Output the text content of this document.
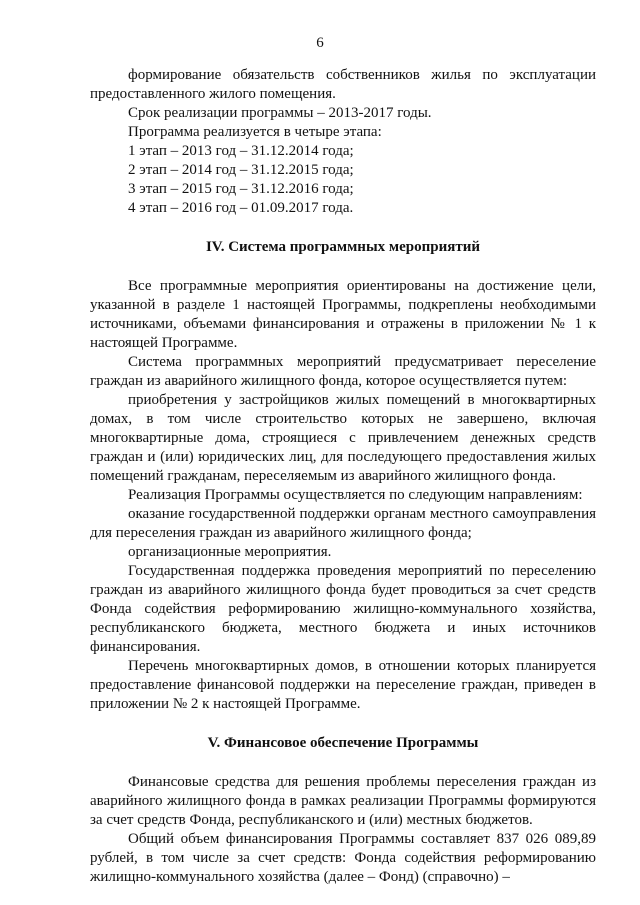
6

формирование обязательств собственников жилья по эксплуатации предоставленного жилого помещения.

Срок реализации программы – 2013-2017 годы.

Программа реализуется в четыре этапа:

1 этап – 2013 год – 31.12.2014 года;

2 этап – 2014 год – 31.12.2015 года;

3 этап – 2015 год – 31.12.2016 года;

4 этап – 2016 год – 01.09.2017 года.

IV. Система программных мероприятий

Все программные мероприятия ориентированы на достижение цели, указанной в разделе 1 настоящей Программы, подкреплены необходимыми источниками, объемами финансирования и отражены в приложении № 1 к настоящей Программе.

Система программных мероприятий предусматривает переселение граждан из аварийного жилищного фонда, которое осуществляется путем:

приобретения у застройщиков жилых помещений в многоквартирных домах, в том числе строительство которых не завершено, включая многоквартирные дома, строящиеся с привлечением денежных средств граждан и (или) юридических лиц, для последующего предоставления жилых помещений гражданам, переселяемым из аварийного жилищного фонда.

Реализация Программы осуществляется по следующим направлениям:

оказание государственной поддержки органам местного самоуправления для переселения граждан из аварийного жилищного фонда;

организационные мероприятия.

Государственная поддержка проведения мероприятий по переселению граждан из аварийного жилищного фонда будет проводиться за счет средств Фонда содействия реформированию жилищно-коммунального хозяйства, республиканского бюджета, местного бюджета и иных источников финансирования.

Перечень многоквартирных домов, в отношении которых планируется предоставление финансовой поддержки на переселение граждан, приведен в приложении № 2 к настоящей Программе.

V. Финансовое обеспечение Программы

Финансовые средства для решения проблемы переселения граждан из аварийного жилищного фонда в рамках реализации Программы формируются за счет средств Фонда, республиканского и (или) местных бюджетов.

Общий объем финансирования Программы составляет 837 026 089,89 рублей, в том числе за счет средств: Фонда содействия реформированию жилищно-коммунального хозяйства (далее – Фонд) (справочно) –
